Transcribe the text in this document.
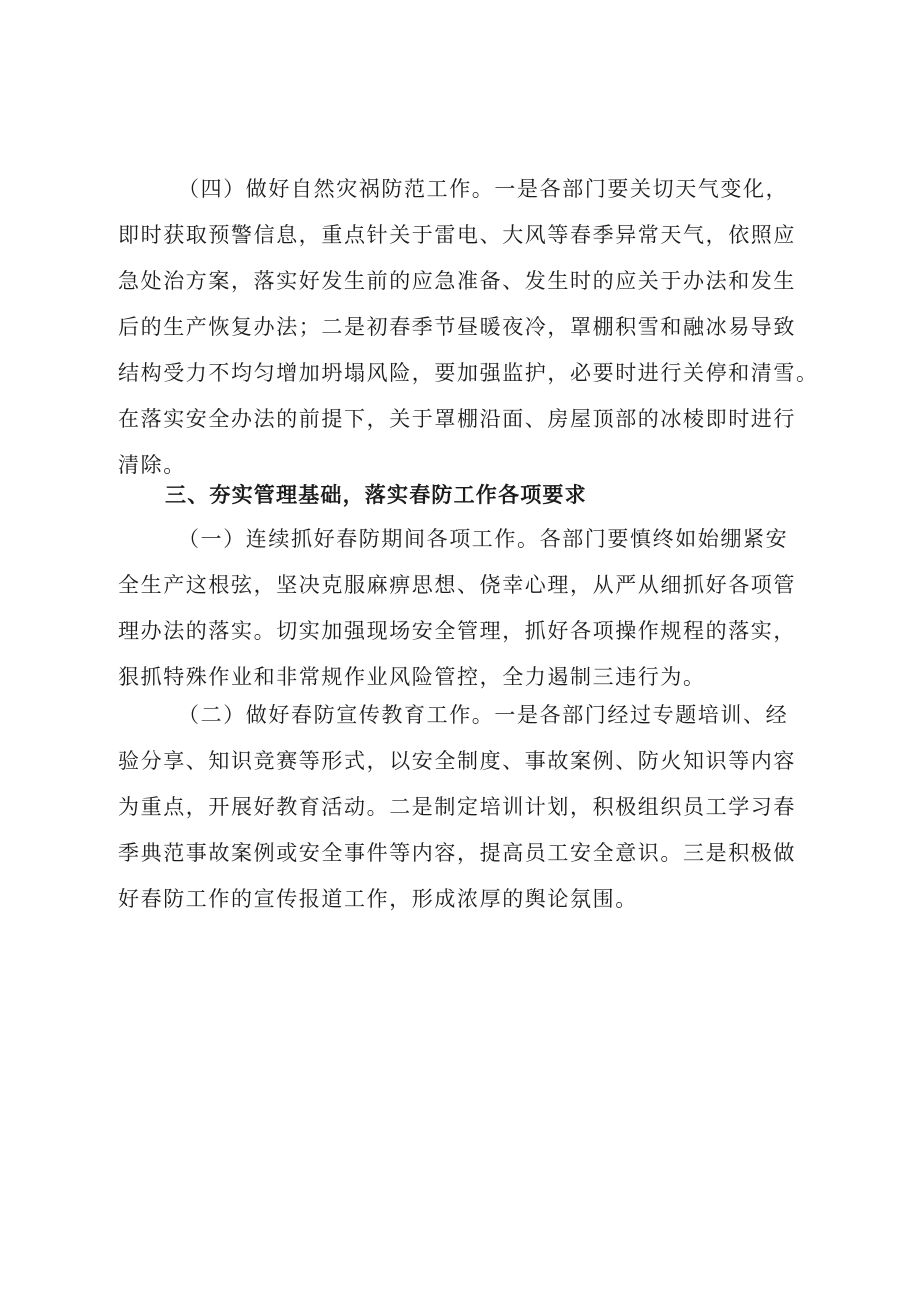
（四）做好自然灾祸防范工作。一是各部门要关切天气变化，
即时获取预警信息，重点针关于雷电、大风等春季异常天气，依照应
急处治方案，落实好发生前的应急准备、发生时的应关于办法和发生
后的生产恢复办法；二是初春季节昼暖夜冷，罩棚积雪和融冰易导致
结构受力不均匀增加坍塌风险，要加强监护，必要时进行关停和清雪。
在落实安全办法的前提下，关于罩棚沿面、房屋顶部的冰棱即时进行
清除。
三、夯实管理基础，落实春防工作各项要求
（一）连续抓好春防期间各项工作。各部门要慎终如始绷紧安
全生产这根弦，坚决克服麻痹思想、侥幸心理，从严从细抓好各项管
理办法的落实。切实加强现场安全管理，抓好各项操作规程的落实，
狠抓特殊作业和非常规作业风险管控，全力遏制三违行为。
（二）做好春防宣传教育工作。一是各部门经过专题培训、经
验分享、知识竞赛等形式，以安全制度、事故案例、防火知识等内容
为重点，开展好教育活动。二是制定培训计划，积极组织员工学习春
季典范事故案例或安全事件等内容，提高员工安全意识。三是积极做
好春防工作的宣传报道工作，形成浓厚的舆论氛围。
